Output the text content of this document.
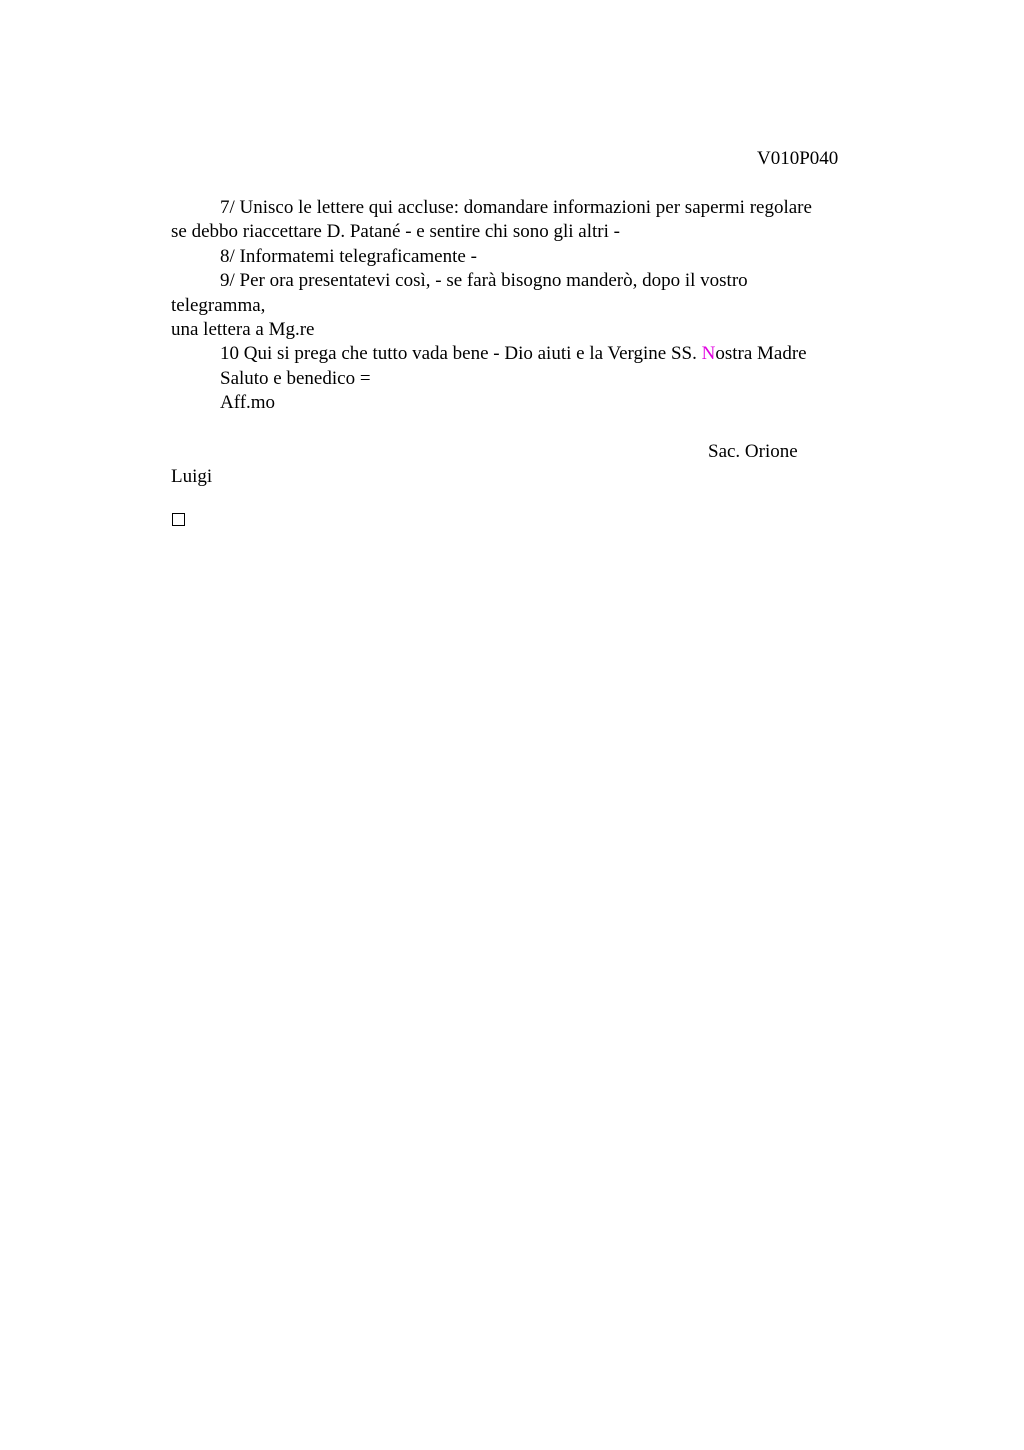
V010P040
7/ Unisco le lettere qui accluse: domandare informazioni per sapermi regolare
se debbo riaccettare D. Patané - e sentire chi sono gli altri -
8/ Informatemi telegraficamente -
9/ Per ora presentatevi così, - se farà bisogno manderò, dopo il vostro
telegramma,
una lettera a Mg.re
10 Qui si prega che tutto vada bene - Dio aiuti e la Vergine SS. Nostra Madre
Saluto e benedico =
Aff.mo
Sac. Orione
Luigi
